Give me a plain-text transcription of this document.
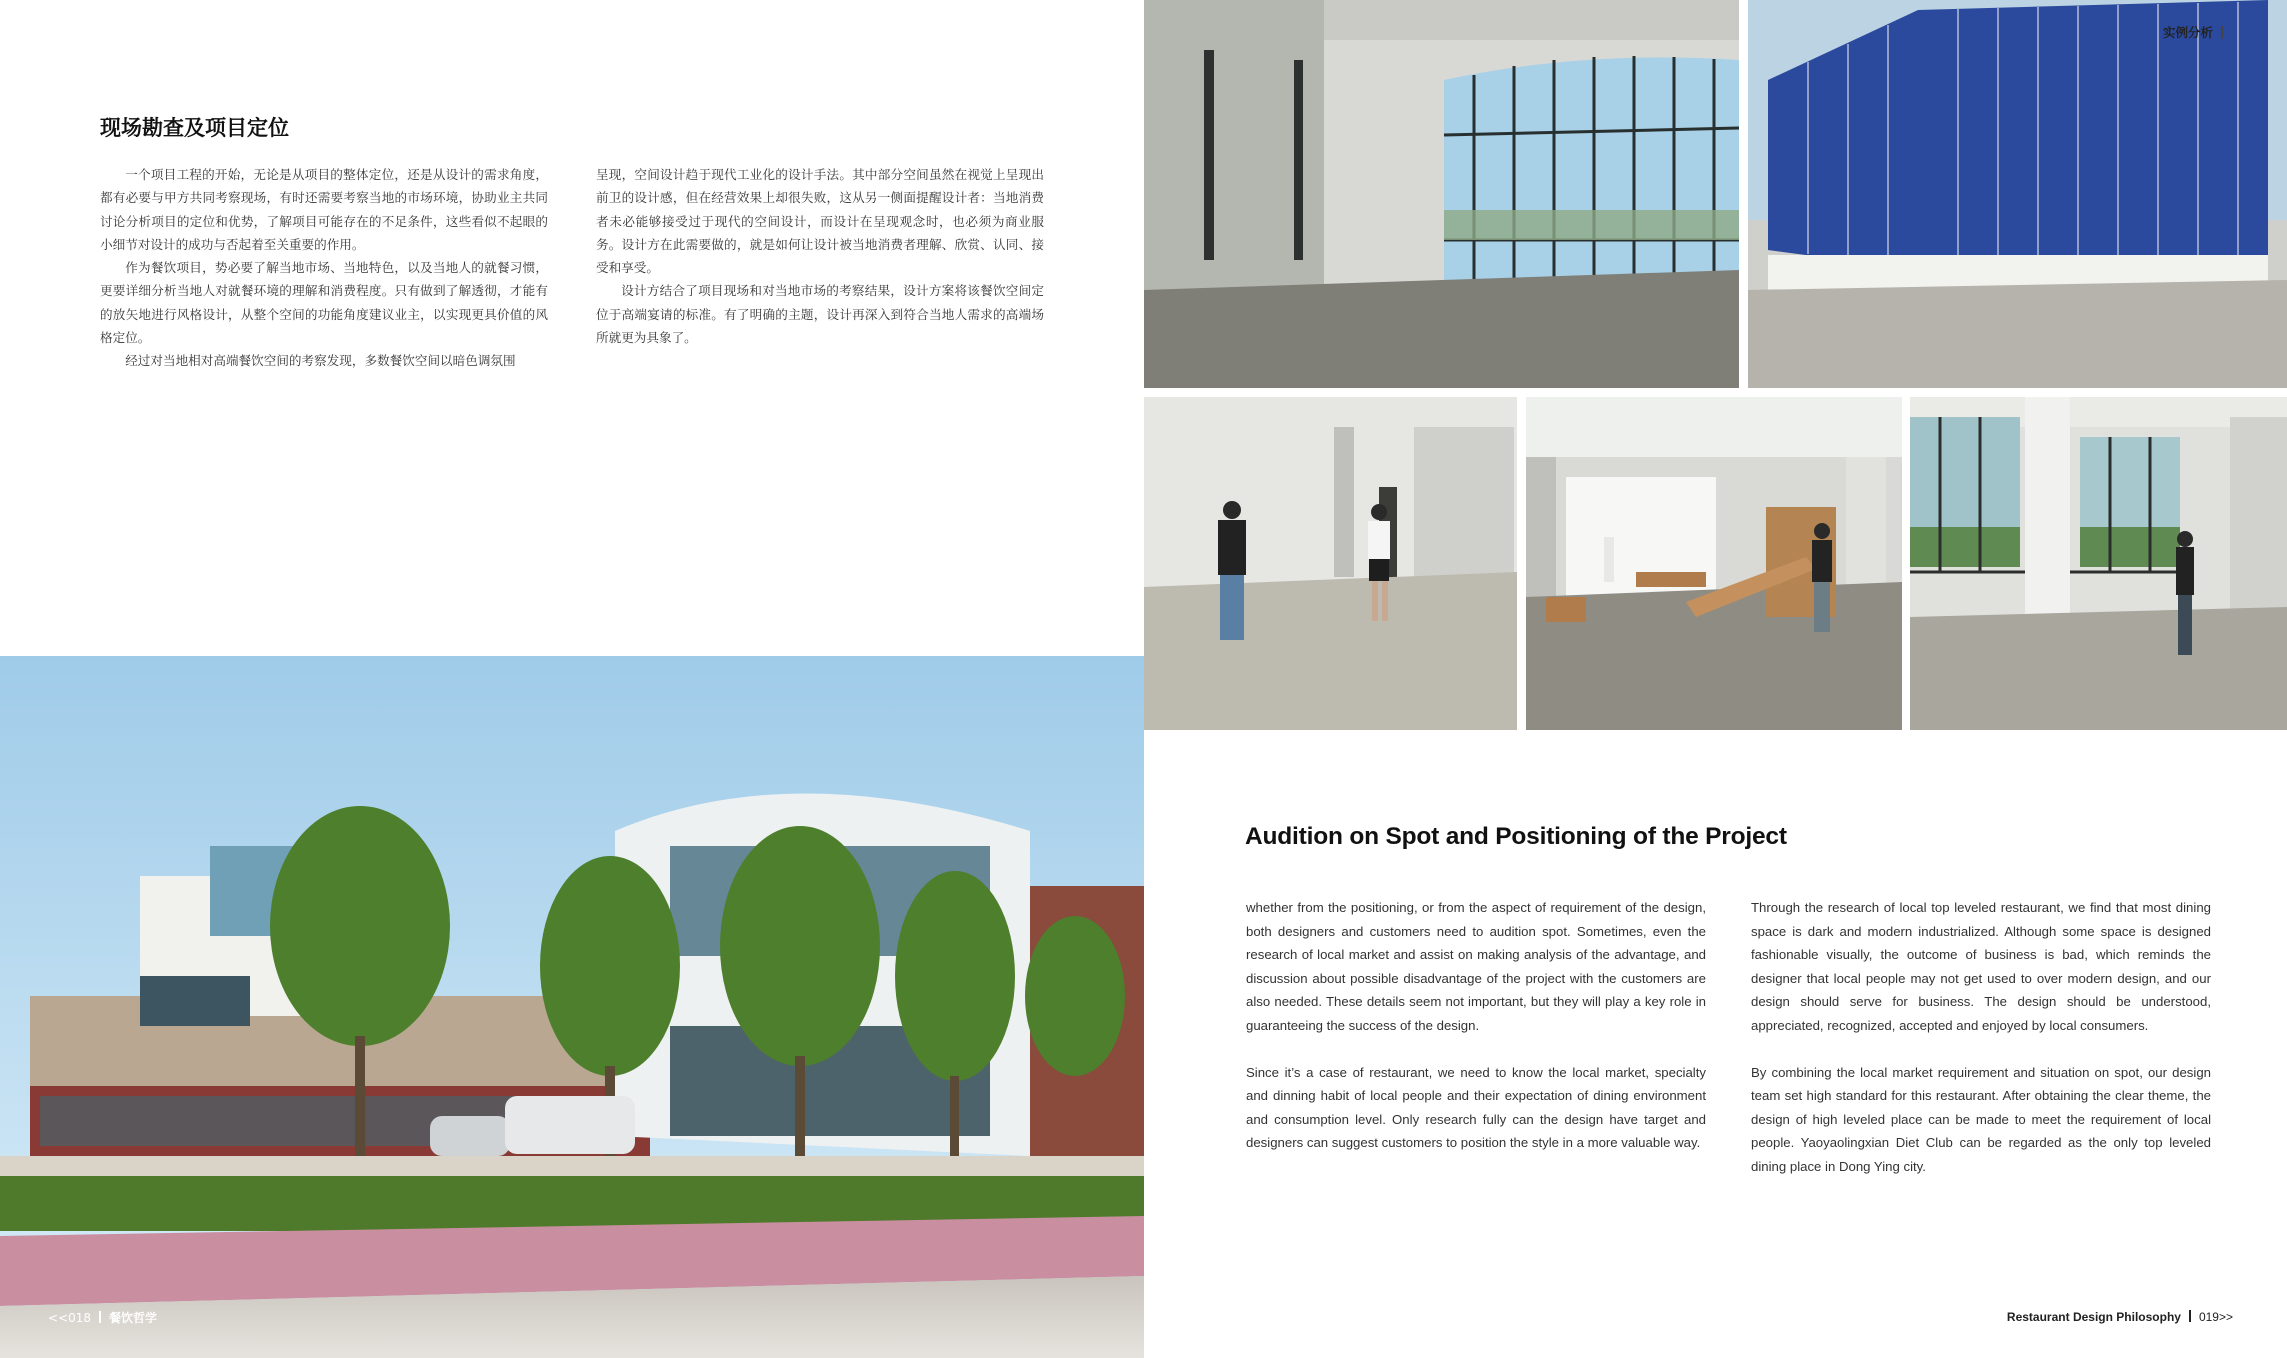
现场勘查及项目定位

一个项目工程的开始，无论是从项目的整体定位，还是从设计的需求角度，都有必要与甲方共同考察现场，有时还需要考察当地的市场环境，协助业主共同讨论分析项目的定位和优势，了解项目可能存在的不足条件，这些看似不起眼的小细节对设计的成功与否起着至关重要的作用。

作为餐饮项目，势必要了解当地市场、当地特色，以及当地人的就餐习惯，更要详细分析当地人对就餐环境的理解和消费程度。只有做到了解透彻，才能有的放矢地进行风格设计，从整个空间的功能角度建议业主，以实现更具价值的风格定位。

经过对当地相对高端餐饮空间的考察发现，多数餐饮空间以暗色调氛围

呈现，空间设计趋于现代工业化的设计手法。其中部分空间虽然在视觉上呈现出前卫的设计感，但在经营效果上却很失败，这从另一侧面提醒设计者：当地消费者未必能够接受过于现代的空间设计，而设计在呈现观念时，也必须为商业服务。设计方在此需要做的，就是如何让设计被当地消费者理解、欣赏、认同、接受和享受。

设计方结合了项目现场和对当地市场的考察结果，设计方案将该餐饮空间定位于高端宴请的标准。有了明确的主题，设计再深入到符合当地人需求的高端场所就更为具象了。

<<018 餐饮哲学
实例分析
Audition on Spot and Positioning of the Project

whether from the positioning, or from the aspect of requirement of the design, both designers and customers need to audition spot. Sometimes, even the research of local market and assist on making analysis of the advantage, and discussion about possible disadvantage of the project with the customers are also needed. These details seem not important, but they will play a key role in guaranteeing the success of the design.

Since it’s a case of restaurant, we need to know the local market, specialty and dinning habit of local people and their expectation of dining environment and consumption level. Only research fully can the design have target and designers can suggest customers to position the style in a more valuable way.

Through the research of local top leveled restaurant, we find that most dining space is dark and modern industrialized. Although some space is designed fashionable visually, the outcome of business is bad, which reminds the designer that local people may not get used to over modern design, and our design should serve for business. The design should be understood, appreciated, recognized, accepted and enjoyed by local consumers.

By combining the local market requirement and situation on spot, our design team set high standard for this restaurant. After obtaining the clear theme, the design of high leveled place can be made to meet the requirement of local people. Yaoyaolingxian Diet Club can be regarded as the only top leveled dining place in Dong Ying city.

Restaurant Design Philosophy 019>>
